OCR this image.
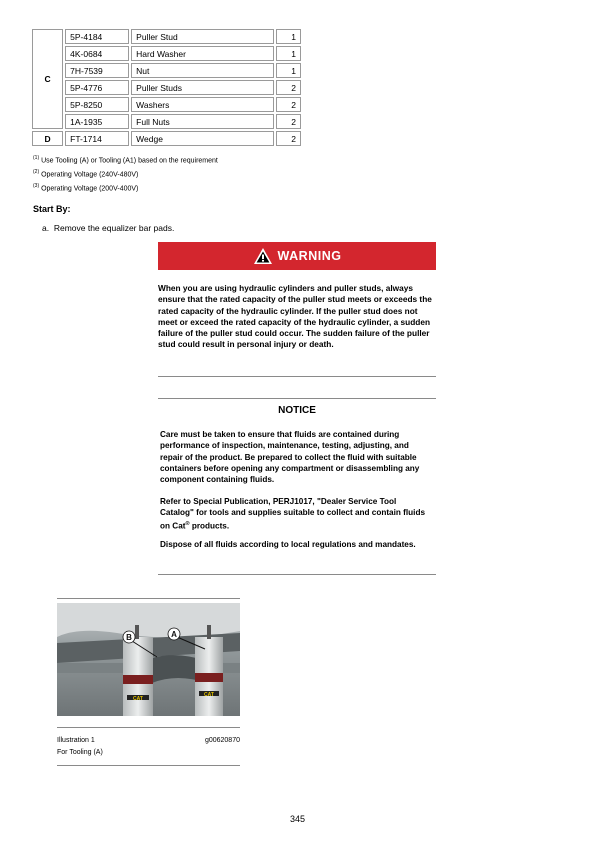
C	5P-4184	Puller Stud	1
	4K-0684	Hard Washer	1
	7H-7539	Nut	1
	5P-4776	Puller Studs	2
	5P-8250	Washers	2
	1A-1935	Full Nuts	2
D	FT-1714	Wedge	2
$^{(1)}$ Use Tooling (A) or Tooling (A1) based on the requirement
$^{(2)}$ Operating Voltage (240V-480V)
$^{(3)}$ Operating Voltage (200V-400V)
Start By:
a. Remove the equalizer bar pads.
WARNING
When you are using hydraulic cylinders and puller studs, always ensure that the rated capacity of the puller stud meets or exceeds the rated capacity of the hydraulic cylinder. If the puller stud does not meet or exceed the rated capacity of the hydraulic cylinder, a sudden failure of the puller stud could occur. The sudden failure of the puller stud could result in personal injury or death.
NOTICE
Care must be taken to ensure that fluids are contained during performance of inspection, maintenance, testing, adjusting, and repair of the product. Be prepared to collect the fluid with suitable containers before opening any compartment or disassembling any component containing fluids.
Refer to Special Publication, PERJ1017, "Dealer Service Tool Catalog" for tools and supplies suitable to collect and contain fluids on Cat® products.
Dispose of all fluids according to local regulations and mandates.
B	A
CAT
CAT
Illustration 1	g00620870
For Tooling (A)
345
